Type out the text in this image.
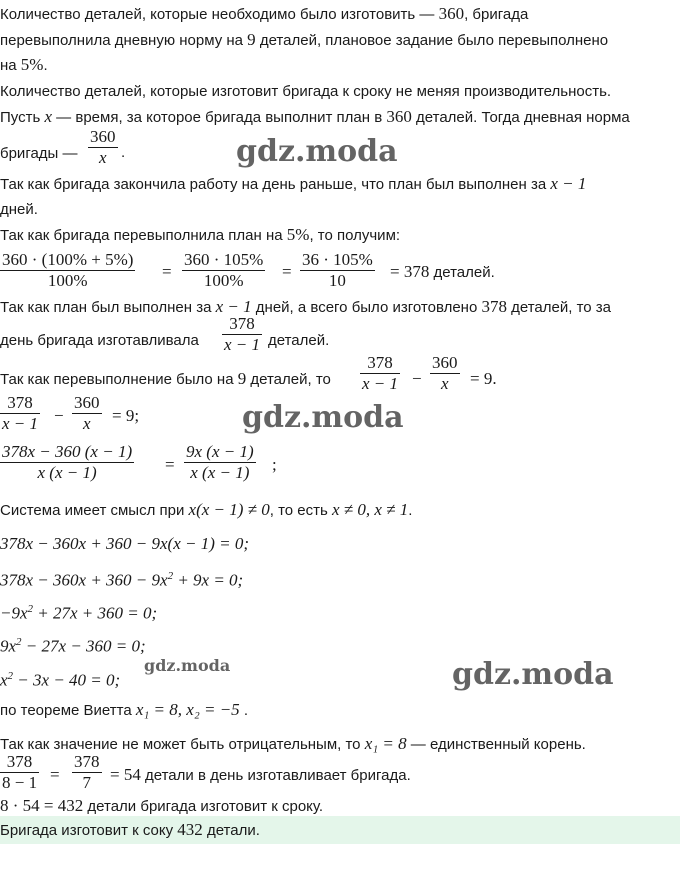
Количество деталей, которые необходимо было изготовить — 360, бригада
перевыполнила дневную норму на 9 деталей, плановое задание было перевыполнено
на 5%.
Количество деталей, которые изготовит бригада к сроку не меняя производительность.
Пусть x — время, за которое бригада выполнит план в 360 деталей. Тогда дневная норма
бригады —
360
x .
Так как бригада закончила работу на день раньше, что план был выполнен за x − 1
дней.
Так как бригада перевыполнила план на 5%, то получим:
360 · (100% + 5%)
100%	=
360 · 105%
100%	=
36 · 105%
10	= 378 деталей.
Так как план был выполнен за x − 1 дней, а всего было изготовлено 378 деталей, то за
день бригада изготавливала
378
x − 1 деталей.
Так как перевыполнение было на 9 деталей, то
378
x − 1 −
360
x	= 9.
378
x − 1 −
360
x	= 9;
378x − 360 (x − 1)
x (x − 1)	=
9x (x − 1)
x (x − 1)	;
Система имеет смысл при x(x − 1) ≠ 0, то есть x ≠ 0, x ≠ 1.
378x − 360x + 360 − 9x(x − 1) = 0;
$378x - 360x + 360 - 9x^2 + 9x = 0$;
$-9x^2 + 27x + 360 = 0$;
$9x^2 - 27x - 360 = 0$;
$x^2 - 3x - 40 = 0$;
по теореме Виетта x₁ = 8, x₂ = −5 .
Так как значение не может быть отрицательным, то x₁ = 8 — единственный корень.
378
8 − 1 =
378
7	= 54 детали в день изготавливает бригада.
8 · 54 = 432 детали бригада изготовит к сроку.
Бригада изготовит к соку 432 детали.
gdz.moda
gdz.moda
gdz.moda	gdz.moda
